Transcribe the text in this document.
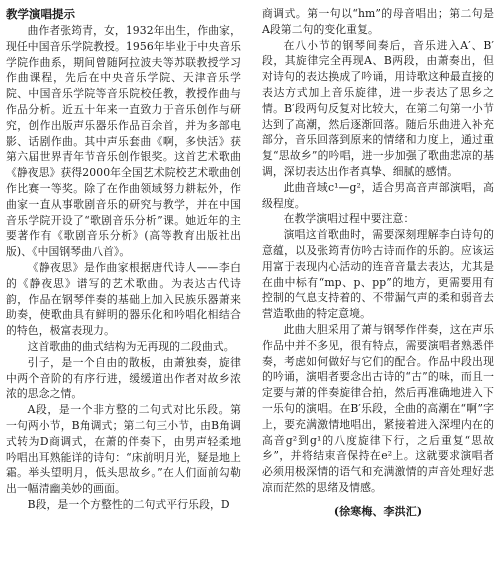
教学演唱提示

曲作者张筠青，女，1932年出生，作曲家，现任中国音乐学院教授。1956年毕业于中央音乐学院作曲系，期间曾随阿拉波夫等苏联教授学习作曲课程，先后在中央音乐学院、天津音乐学院、中国音乐学院等音乐院校任教，教授作曲与作品分析。近五十年来一直致力于音乐创作与研究，创作出版声乐器乐作品百余首，并为多部电影、话剧作曲。其中声乐套曲《啊，多快活》获第六届世界青年节音乐创作银奖。这首艺术歌曲《静夜思》获得2000年全国艺术院校艺术歌曲创作比赛一等奖。除了在作曲领域努力耕耘外，作曲家一直从事歌剧音乐的研究与教学，并在中国音乐学院开设了“歌剧音乐分析”课。她近年的主要著作有《歌剧音乐分析》(高等教育出版社出版)、《中国钢琴曲八首》。

《静夜思》是作曲家根据唐代诗人——李白的《静夜思》谱写的艺术歌曲。为表达古代诗韵，作品在钢琴伴奏的基础上加入民族乐器萧来助奏，使歌曲具有鲜明的器乐化和吟唱化相结合的特色，极富表现力。

这首歌曲的曲式结构为无再现的二段曲式。

引子，是一个自由的散板，由萧独奏，旋律中两个音阶的有序行进，缓缓道出作者对故乡浓浓的思念之情。

A段，是一个非方整的二句式对比乐段。第一句两小节，B角调式；第二句三小节，由B角调式转为D商调式，在萧的伴奏下，由男声轻柔地吟唱出耳熟能详的诗句：“床前明月光，疑是地上霜。举头望明月，低头思故乡。”在人们面前勾勒出一幅清幽美妙的画面。

B段，是一个方整性的二句式平行乐段，D

商调式。第一句以“hm”的母音唱出；第二句是A段第二句的变化重复。

在八小节的钢琴间奏后，音乐进入A′、B′段，其旋律完全再现A、B两段，由萧奏出，但对诗句的表达换成了吟诵，用诗歌这种最直接的表达方式加上音乐旋律，进一步表达了思乡之情。B′段两句反复对比较大，在第二句第一小节达到了高潮，然后逐渐回落。随后乐曲进入补充部分，音乐回落到原来的情绪和力度上，通过重复“思故乡”的吟唱，进一步加强了歌曲悲凉的基调，深切表达出作者真挚、细腻的感情。

此曲音域c¹—g²，适合男高音声部演唱，高级程度。

在教学演唱过程中要注意：

演唱这首歌曲时，需要深刻理解李白诗句的意蕴，以及张筠青仿吟古诗而作的乐韵。应该运用富于表现内心活动的连音音量去表达，尤其是在曲中标有“mp、p、pp”的地方，更需要用有控制的气息支持着的、不带漏气声的柔和弱音去营造歌曲的特定意境。

此曲大胆采用了萧与钢琴作伴奏，这在声乐作品中并不多见，很有特点，需要演唱者熟悉伴奏，考虑如何做好与它们的配合。作品中段出现的吟诵，演唱者要念出古诗的“古”的味，而且一定要与萧的伴奏旋律合拍，然后再准确地进入下一乐句的演唱。在B′乐段，全曲的高潮在“啊”字上，要充满激情地唱出，紧接着进入深埋内在的高音g²到g¹的八度旋律下行，之后重复“思故乡”，并将结束音保持在e²上。这就要求演唱者必须用极深情的语气和充满激情的声音处理好悲凉而茫然的思绪及情感。

(徐寒梅、李洪汇)
